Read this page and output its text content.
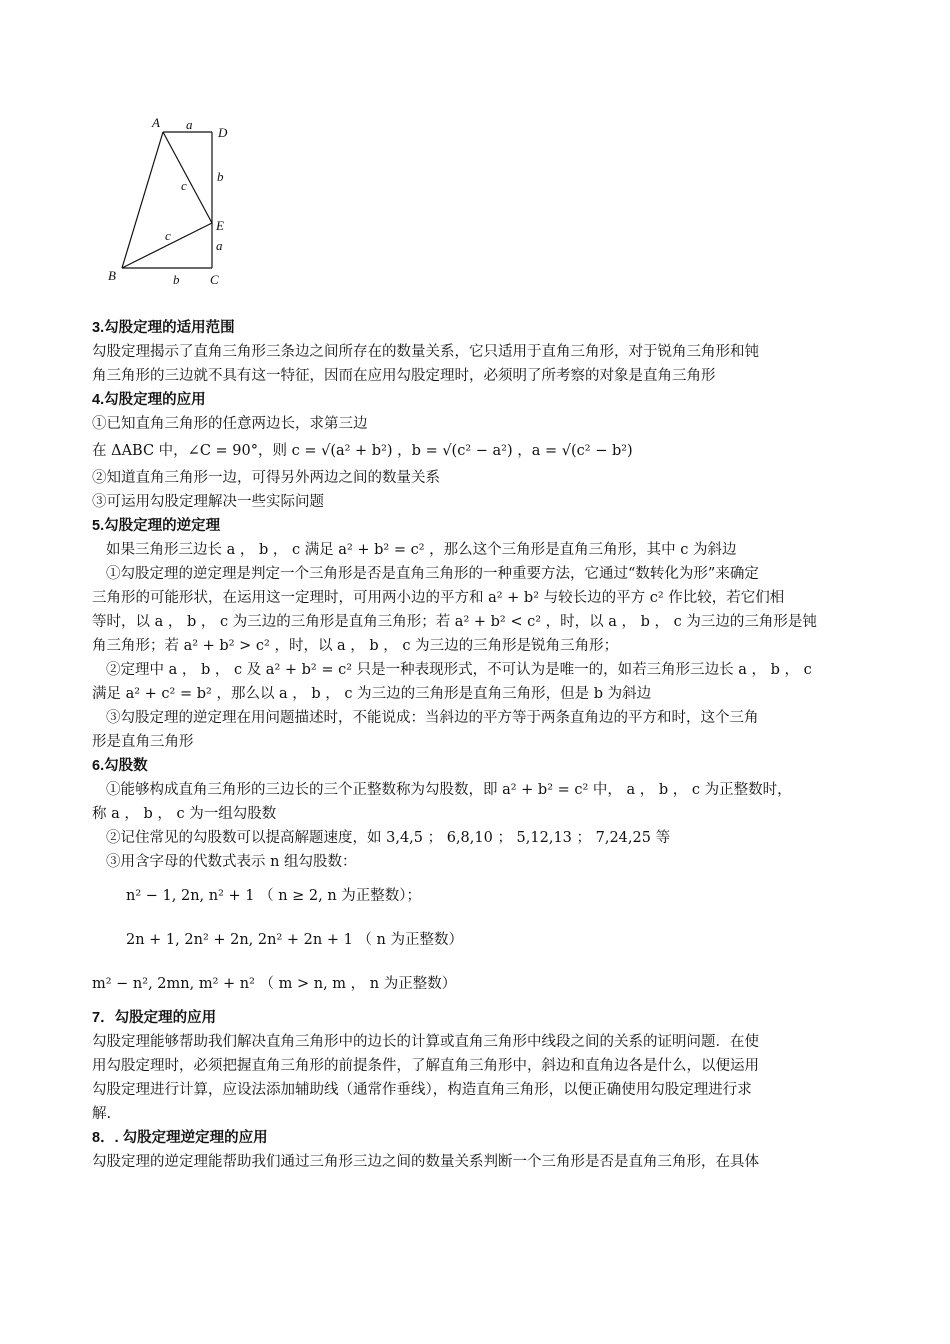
A a
D
b
c
E
a
c
B	b C
3.勾股定理的适用范围
勾股定理揭示了直角三角形三条边之间所存在的数量关系，它只适用于直角三角形，对于锐角三角形和钝
角三角形的三边就不具有这一特征，因而在应用勾股定理时，必须明了所考察的对象是直角三角形
4.勾股定理的应用
①已知直角三角形的任意两边长，求第三边
在 ΔABC 中，∠C = 90°，则 c = √(a² + b²) ，b = √(c² − a²) ，a = √(c² − b²)
②知道直角三角形一边，可得另外两边之间的数量关系
③可运用勾股定理解决一些实际问题
5.勾股定理的逆定理
如果三角形三边长 a ， b ， c 满足 a² + b² = c² ，那么这个三角形是直角三角形，其中 c 为斜边
①勾股定理的逆定理是判定一个三角形是否是直角三角形的一种重要方法，它通过“数转化为形”来确定
三角形的可能形状，在运用这一定理时，可用两小边的平方和 a² + b² 与较长边的平方 c² 作比较，若它们相
等时，以 a ， b ， c 为三边的三角形是直角三角形；若 a² + b² < c² ，时，以 a ， b ， c 为三边的三角形是钝
角三角形；若 a² + b² > c² ，时，以 a ， b ， c 为三边的三角形是锐角三角形；
②定理中 a ， b ， c 及 a² + b² = c² 只是一种表现形式，不可认为是唯一的，如若三角形三边长 a ， b ， c
满足 a² + c² = b² ，那么以 a ， b ， c 为三边的三角形是直角三角形，但是 b 为斜边
③勾股定理的逆定理在用问题描述时，不能说成：当斜边的平方等于两条直角边的平方和时，这个三角
形是直角三角形
6.勾股数
①能够构成直角三角形的三边长的三个正整数称为勾股数，即 a² + b² = c² 中， a ， b ， c 为正整数时，
称 a ， b ， c 为一组勾股数
②记住常见的勾股数可以提高解题速度，如 3,4,5 ； 6,8,10 ； 5,12,13 ； 7,24,25 等
③用含字母的代数式表示 n 组勾股数：
n² − 1, 2n, n² + 1 （ n ≥ 2, n 为正整数）；
2n + 1, 2n² + 2n, 2n² + 2n + 1 （ n 为正整数）
m² − n², 2mn, m² + n² （ m > n, m ， n 为正整数）
7．勾股定理的应用
勾股定理能够帮助我们解决直角三角形中的边长的计算或直角三角形中线段之间的关系的证明问题．在使
用勾股定理时，必须把握直角三角形的前提条件，了解直角三角形中，斜边和直角边各是什么，以便运用
勾股定理进行计算，应设法添加辅助线（通常作垂线），构造直角三角形，以便正确使用勾股定理进行求
解.
8．. 勾股定理逆定理的应用
勾股定理的逆定理能帮助我们通过三角形三边之间的数量关系判断一个三角形是否是直角三角形，在具体
